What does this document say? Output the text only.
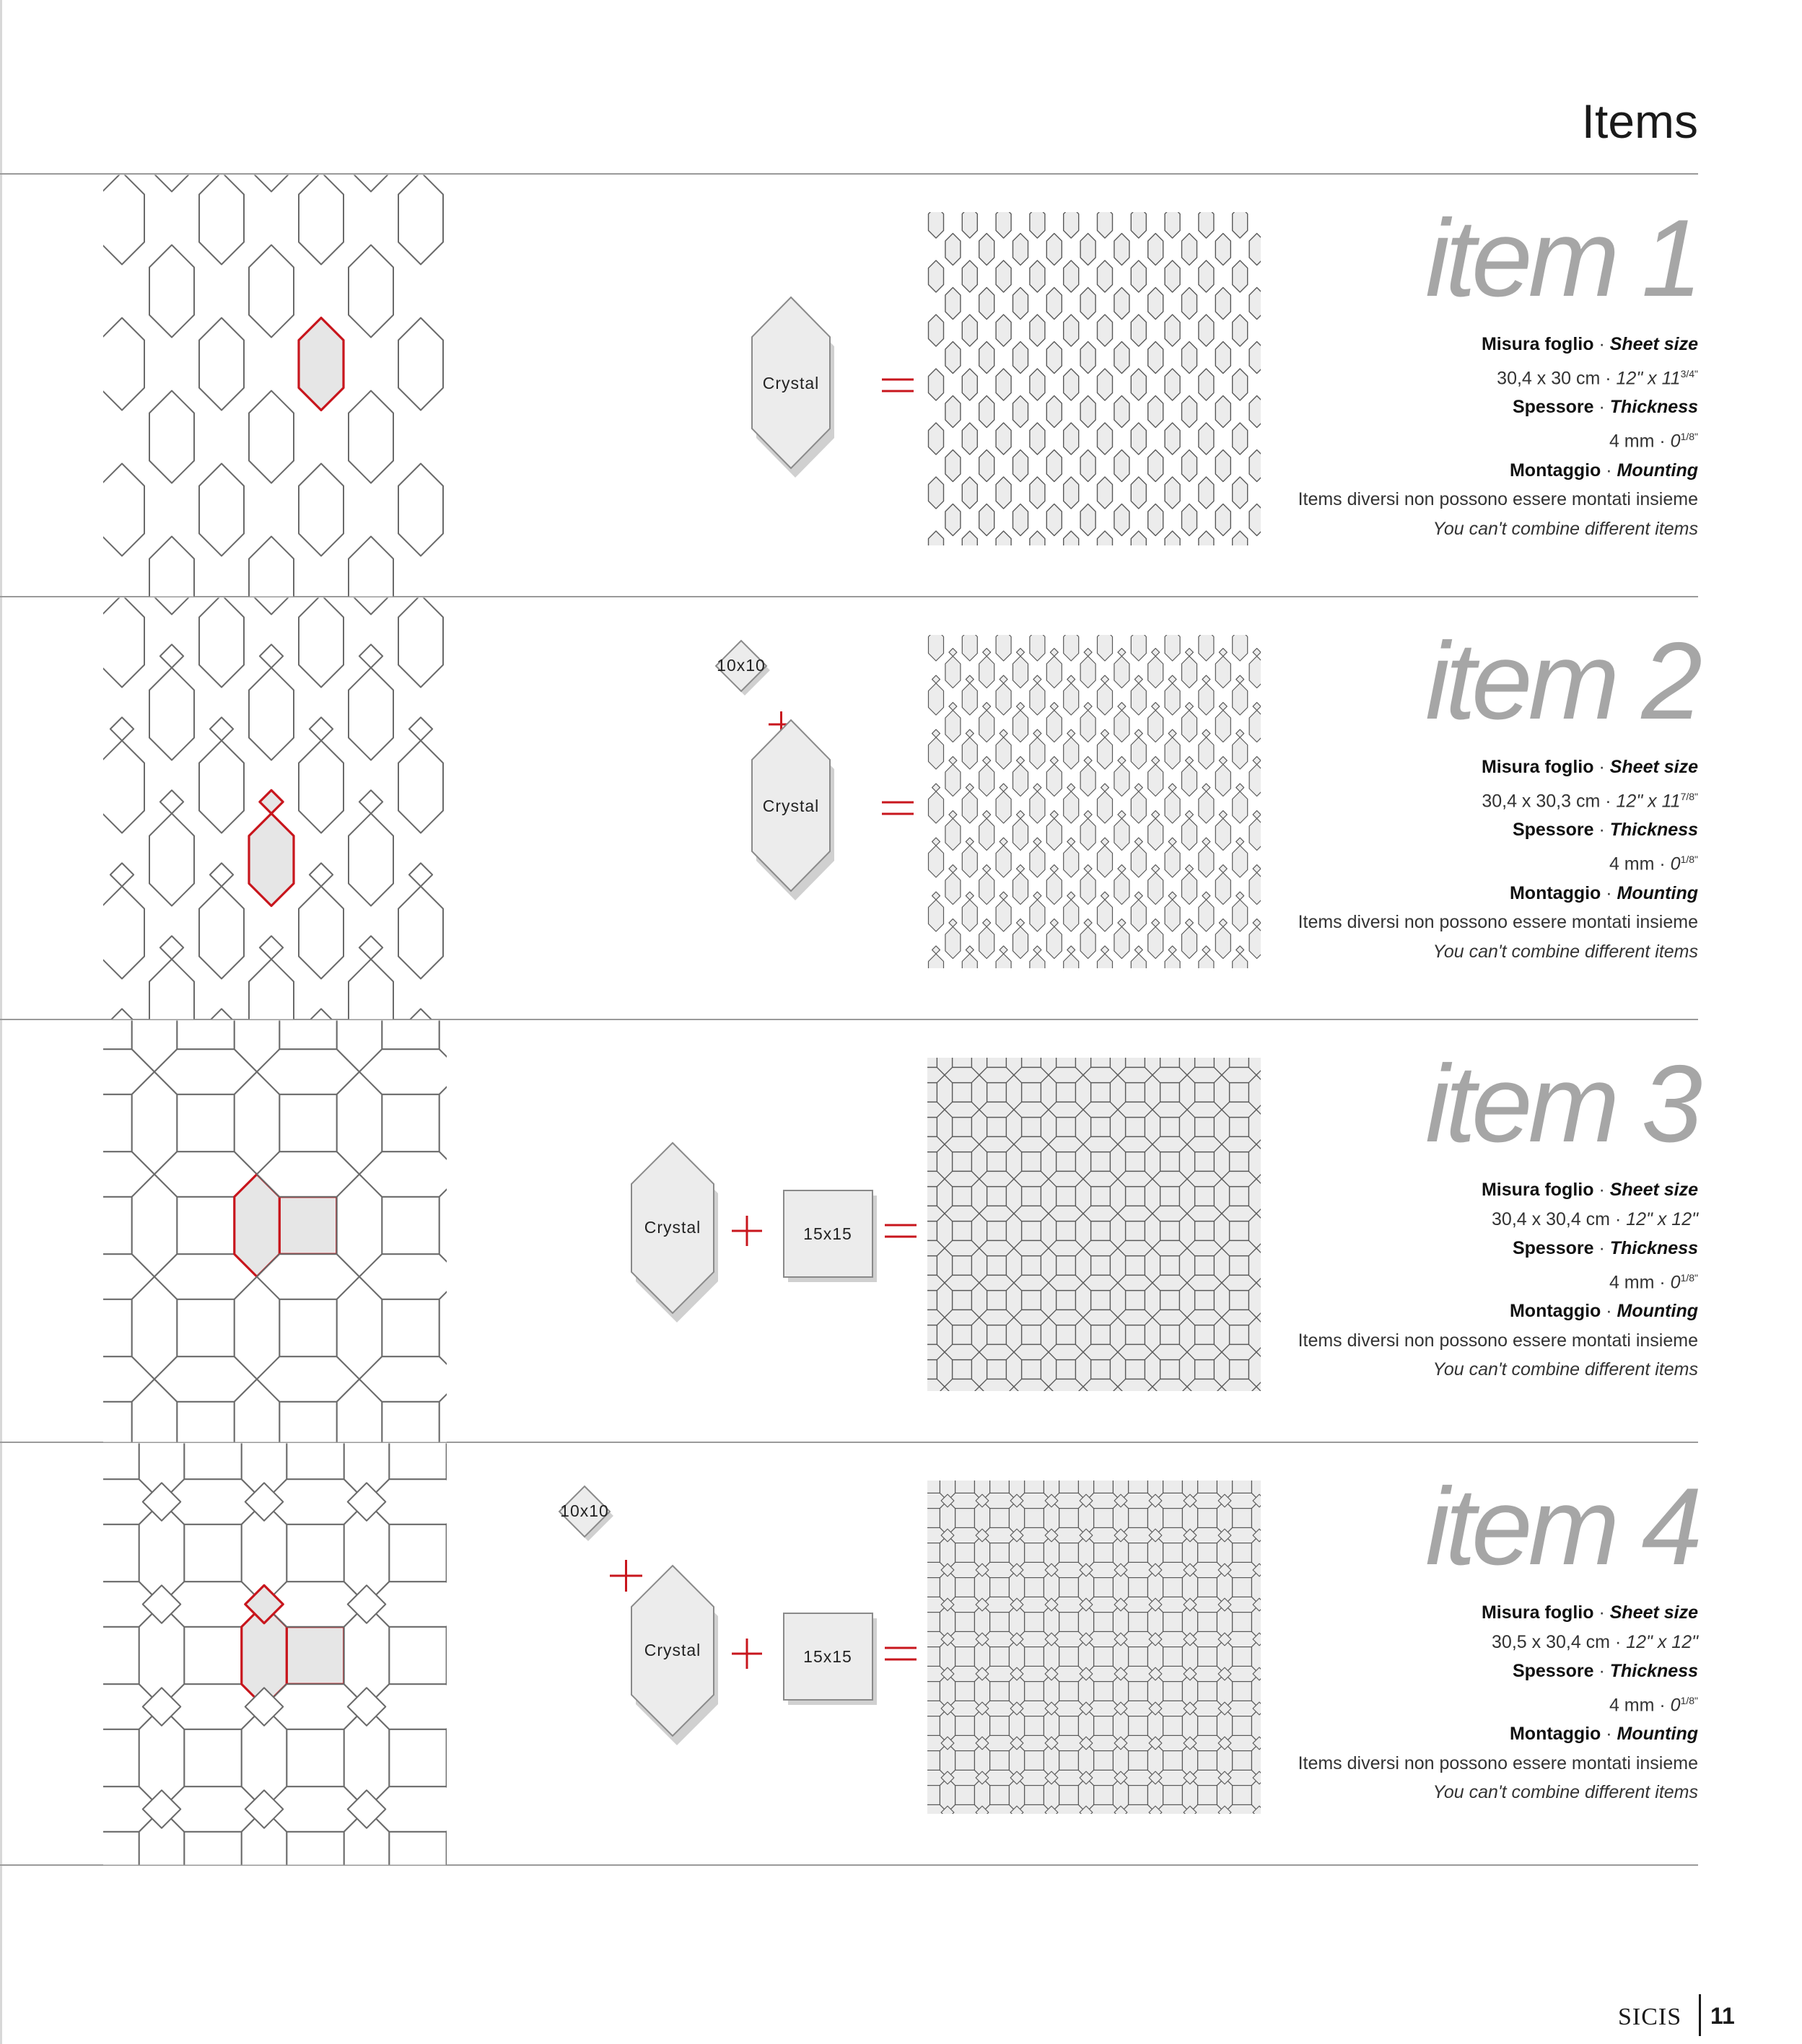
Items
Crystal
item 1
Misura foglio · Sheet size
30,4 x 30 cm · 12" x $11^{3/4"}$
Spessore · Thickness
4 mm · $0^{1/8"}$
Montaggio · Mounting
Items diversi non possono essere montati insieme
You can't combine different items
10x10
Crystal
item 2
Misura foglio · Sheet size
30,4 x 30,3 cm · 12" x $11^{7/8"}$
Spessore · Thickness
4 mm · $0^{1/8"}$
Montaggio · Mounting
Items diversi non possono essere montati insieme
You can't combine different items
Crystal	15x15
item 3
Misura foglio · Sheet size
30,4 x 30,4 cm · 12" x 12"
Spessore · Thickness
4 mm · $0^{1/8"}$
Montaggio · Mounting
Items diversi non possono essere montati insieme
You can't combine different items
10x10
Crystal	15x15
item 4
Misura foglio · Sheet size
30,5 x 30,4 cm · 12" x 12"
Spessore · Thickness
4 mm · $0^{1/8"}$
Montaggio · Mounting
Items diversi non possono essere montati insieme
You can't combine different items
SICIS 11
